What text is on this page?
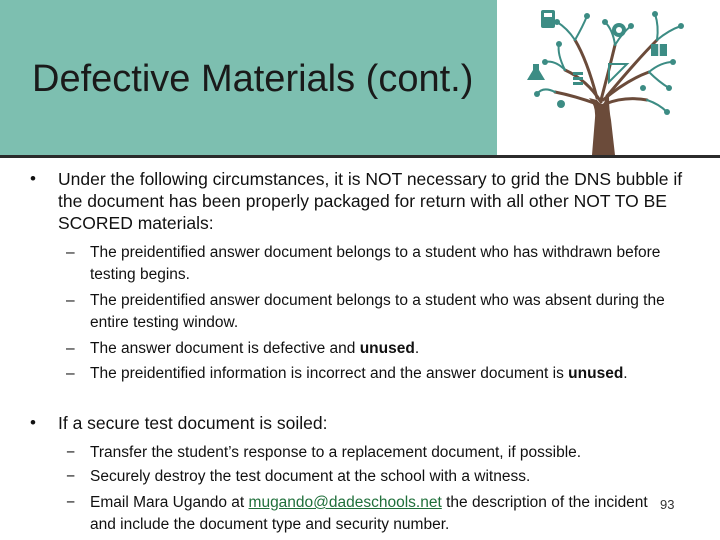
Defective Materials (cont.)
• Under the following circumstances, it is NOT necessary to grid the DNS bubble if the document has been properly packaged for return with all other NOT TO BE SCORED materials:
– The preidentified answer document belongs to a student who has withdrawn before testing begins.
– The preidentified answer document belongs to a student who was absent during the entire testing window.
– The answer document is defective and unused.
– The preidentified information is incorrect and the answer document is unused.
• If a secure test document is soiled:
− Transfer the student’s response to a replacement document, if possible.
− Securely destroy the test document at the school with a witness.
− Email Mara Ugando at mugando@dadeschools.net the description of the incident and include the document type and security number.
93
